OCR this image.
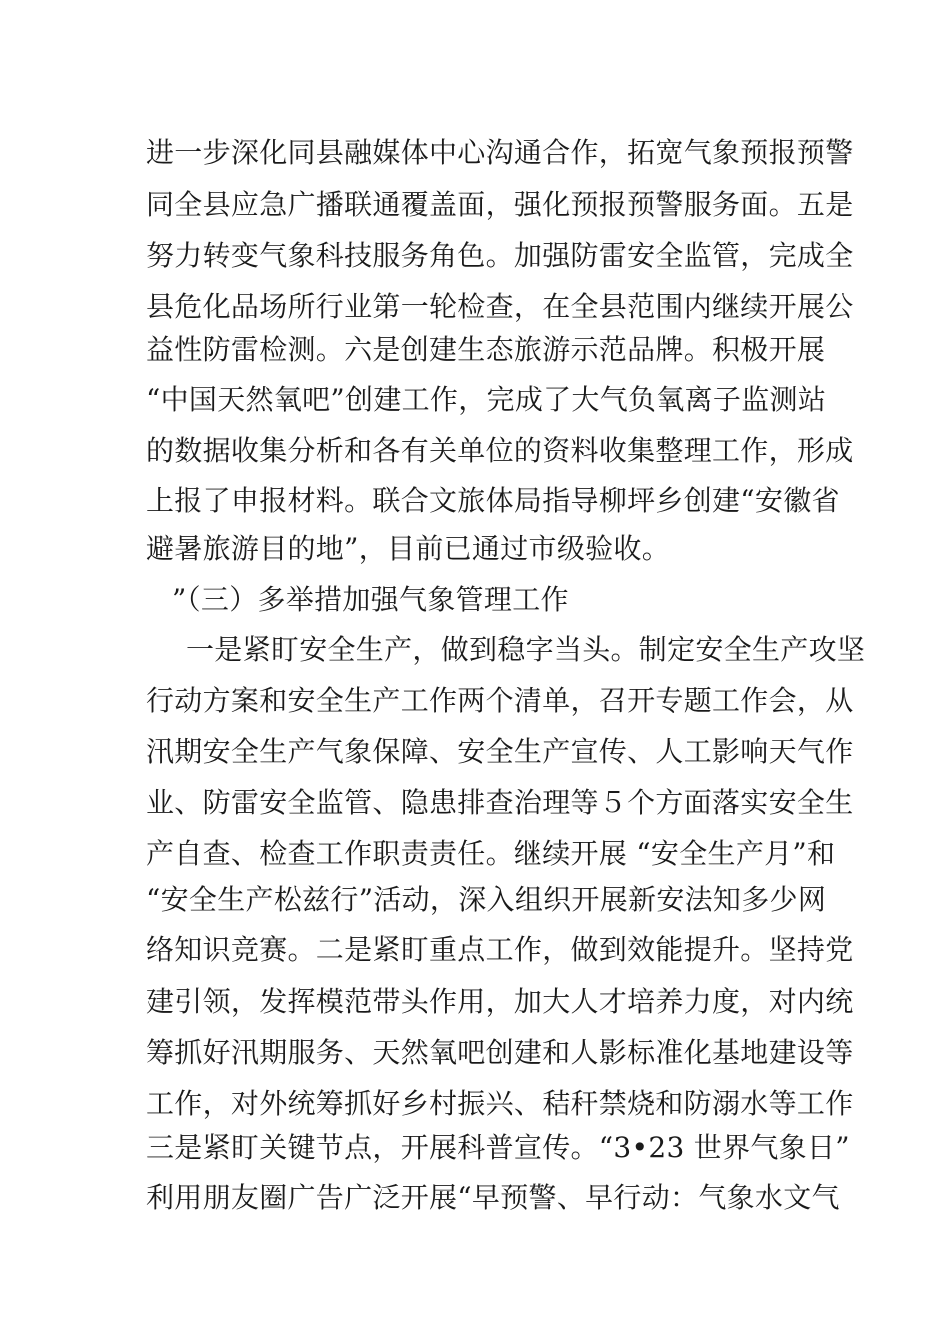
进一步深化同县融媒体中心沟通合作，拓宽气象预报预警
同全县应急广播联通覆盖面，强化预报预警服务面。五是
努力转变气象科技服务角色。加强防雷安全监管，完成全
县危化品场所行业第一轮检查，在全县范围内继续开展公
益性防雷检测。六是创建生态旅游示范品牌。积极开展
“中国天然氧吧”创建工作，完成了大气负氧离子监测站
的数据收集分析和各有关单位的资料收集整理工作，形成
上报了申报材料。联合文旅体局指导柳坪乡创建“安徽省
避暑旅游目的地”，目前已通过市级验收。
”（三）多举措加强气象管理工作
一是紧盯安全生产，做到稳字当头。制定安全生产攻坚
行动方案和安全生产工作两个清单，召开专题工作会，从
汛期安全生产气象保障、安全生产宣传、人工影响天气作
业、防雷安全监管、隐患排查治理等５个方面落实安全生
产自查、检查工作职责责任。继续开展 “安全生产月”和
“安全生产松兹行”活动，深入组织开展新安法知多少网
络知识竞赛。二是紧盯重点工作，做到效能提升。坚持党
建引领，发挥模范带头作用，加大人才培养力度，对内统
筹抓好汛期服务、天然氧吧创建和人影标准化基地建设等
工作，对外统筹抓好乡村振兴、秸秆禁烧和防溺水等工作
三是紧盯关键节点，开展科普宣传。“3•23 世界气象日”
利用朋友圈广告广泛开展“早预警、早行动：气象水文气
